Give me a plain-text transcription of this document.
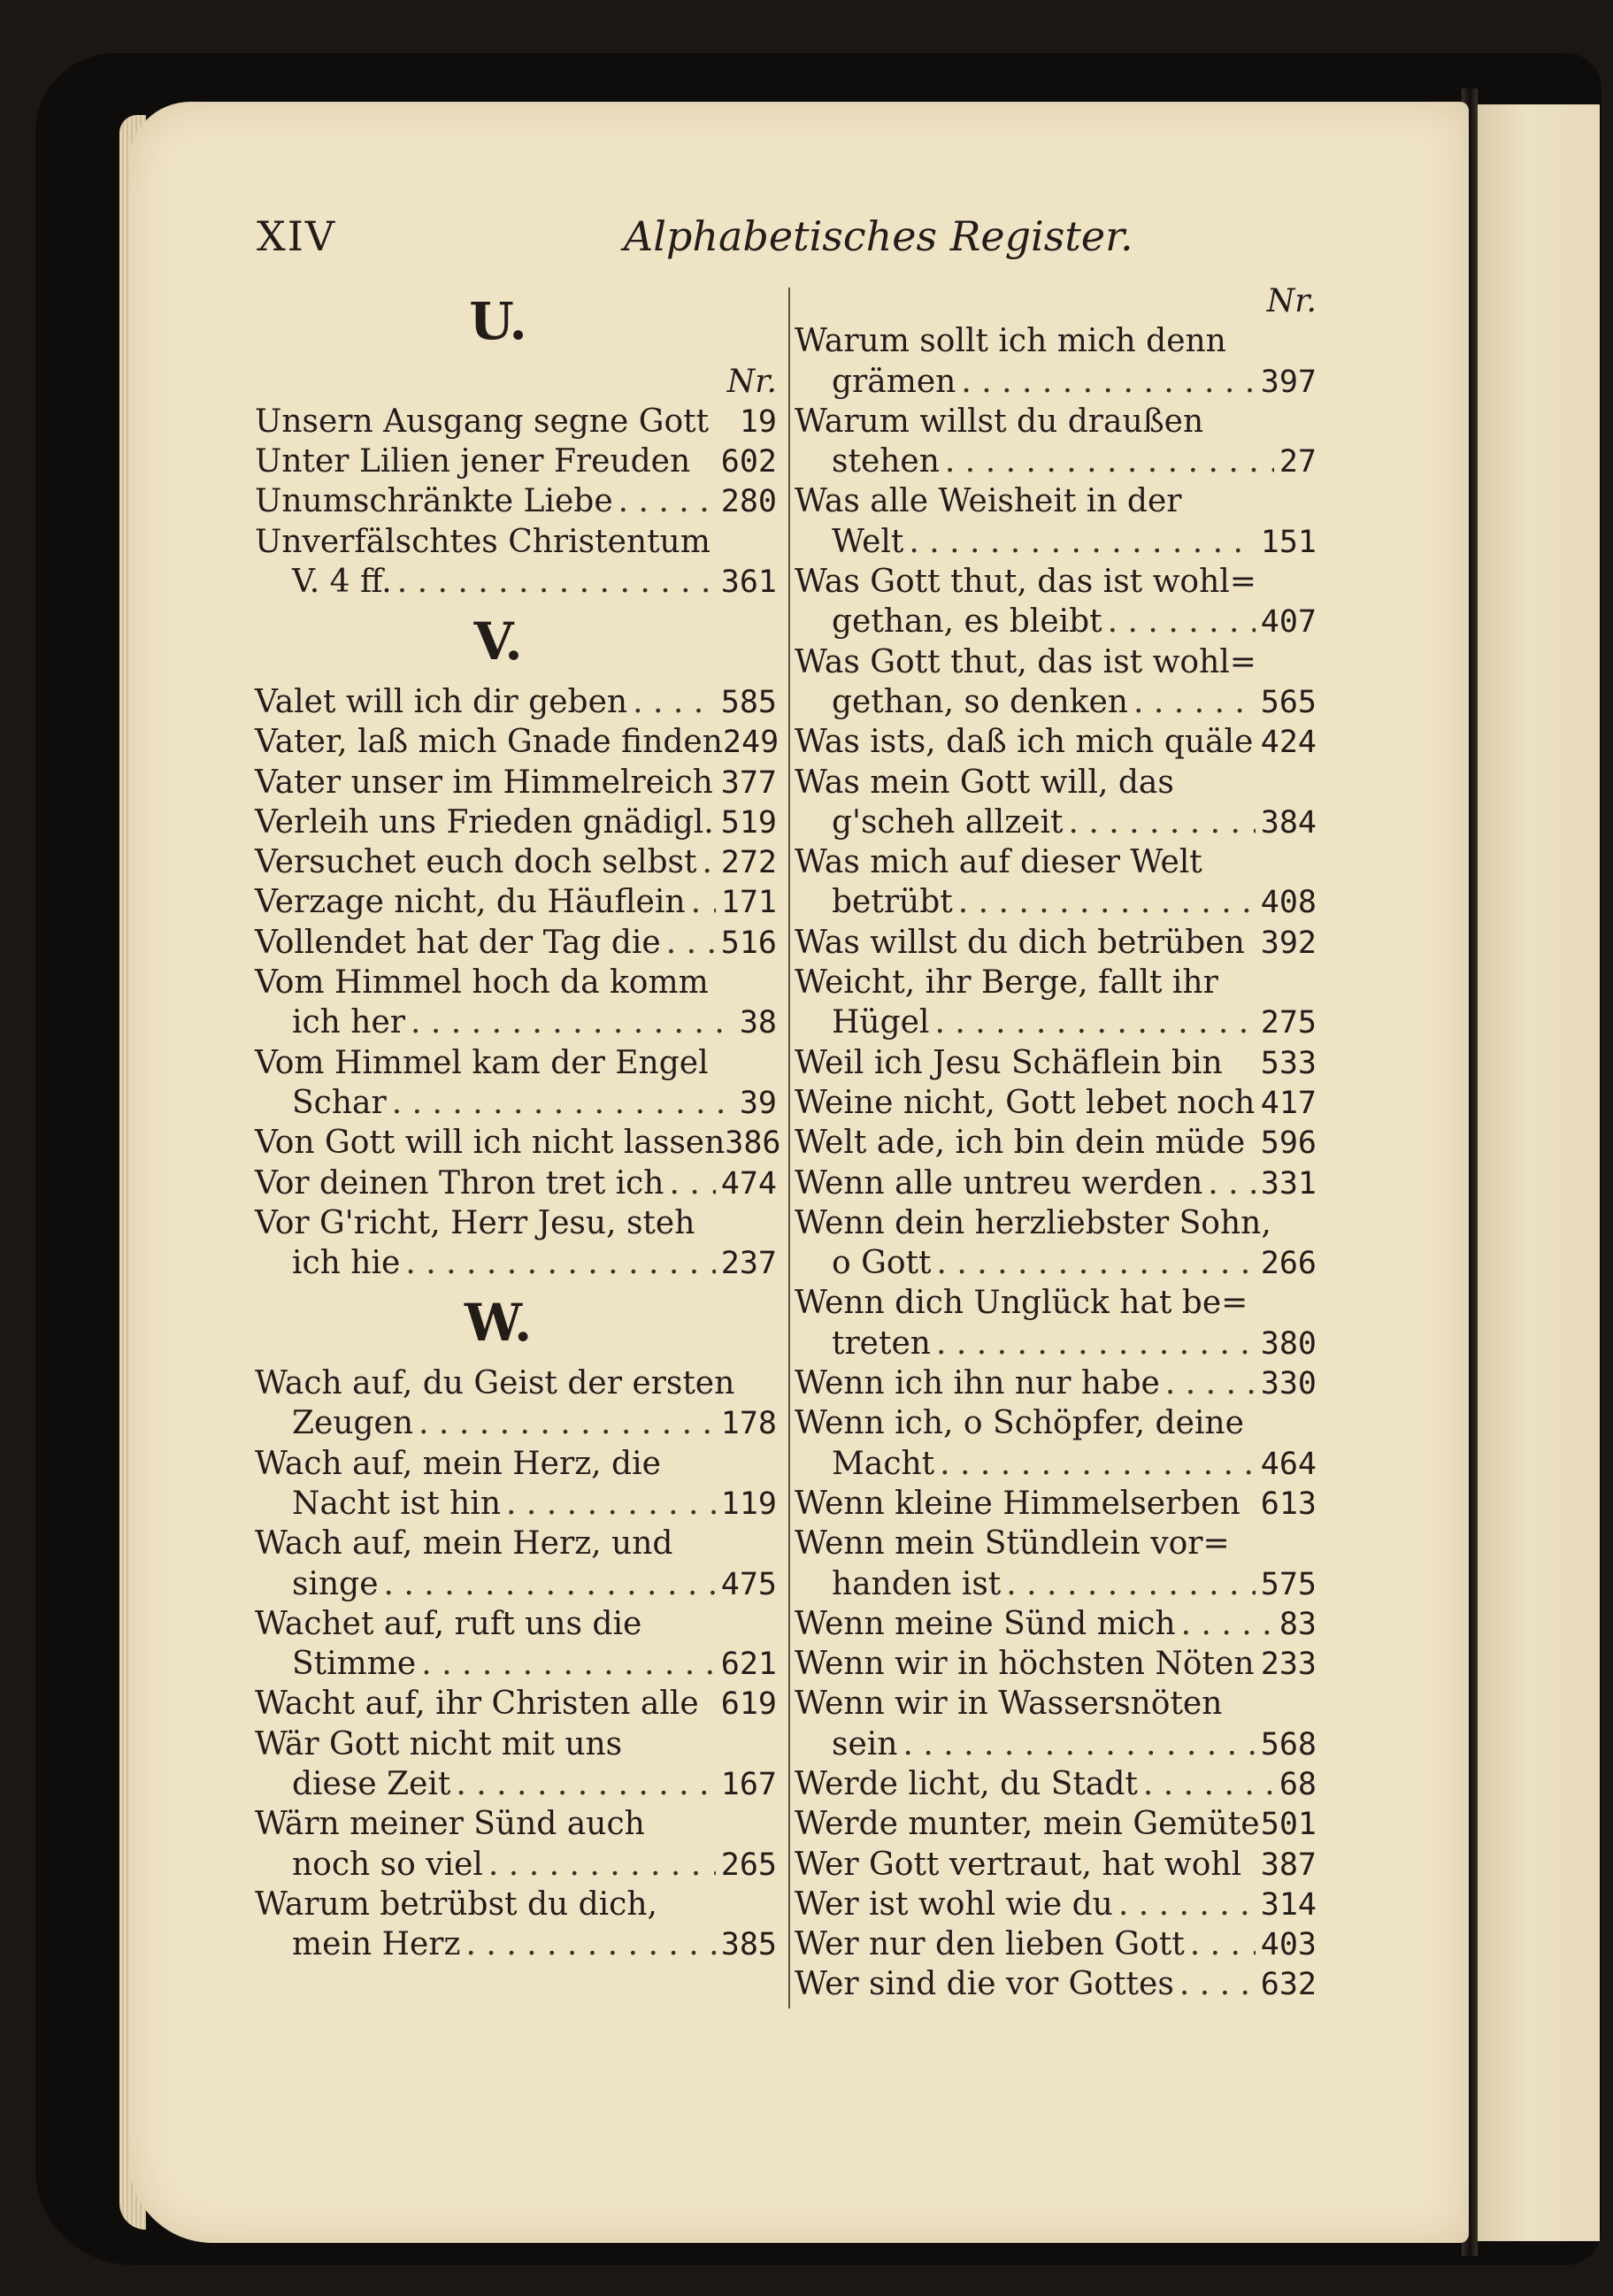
XIV	Alphabetisches Register.
U.
Nr.
Unsern Ausgang segne Gott 19
Unter Lilien jener Freuden 602
Unumschränkte Liebe . . .	280
Unverfälschtes Christentum
V. 4 ff. . . .	361
V.
Valet will ich dir geben . . .	585
Vater, laß mich Gnade finden 249
Vater unser im Himmelreich 377
Verleih uns Frieden gnädigl. 519
Versuchet euch doch selbst . . . 272
Verzage nicht, du Häuflein . . . 171
Vollendet hat der Tag die . . . 516
Vom Himmel hoch da komm
ich her . . .	38
Vom Himmel kam der Engel
Schar . . .	39
Von Gott will ich nicht lassen 386
Vor deinen Thron tret ich . . . 474
Vor G'richt, Herr Jesu, steh
ich hie . . .	237
W.
Wach auf, du Geist der ersten
Zeugen . . .	178
Wach auf, mein Herz, die
Nacht ist hin . . .	119
Wach auf, mein Herz, und
singe . . .	475
Wachet auf, ruft uns die
Stimme . . .	621
Wacht auf, ihr Christen alle 619
Wär Gott nicht mit uns
diese Zeit . . .	167
Wärn meiner Sünd auch
noch so viel . . .	265
Warum betrübst du dich,
mein Herz . . .	385
Nr.
Warum sollt ich mich denn
grämen . . .	397
Warum willst du draußen
stehen . . .	27
Was alle Weisheit in der
Welt . . .	151
Was Gott thut, das ist wohl=
gethan, es bleibt . . .	407
Was Gott thut, das ist wohl=
gethan, so denken . . .	565
Was ists, daß ich mich quäle 424
Was mein Gott will, das
g'scheh allzeit . . .	384
Was mich auf dieser Welt
betrübt . . .	408
Was willst du dich betrüben 392
Weicht, ihr Berge, fallt ihr
Hügel . . .	275
Weil ich Jesu Schäflein bin 533
Weine nicht, Gott lebet noch 417
Welt ade, ich bin dein müde 596
Wenn alle untreu werden . . . 331
Wenn dein herzliebster Sohn,
o Gott . . .	266
Wenn dich Unglück hat be=
treten . . .	380
Wenn ich ihn nur habe . . .	330
Wenn ich, o Schöpfer, deine
Macht . . .	464
Wenn kleine Himmelserben 613
Wenn mein Stündlein vor=
handen ist . . .	575
Wenn meine Sünd mich . . .	83
Wenn wir in höchsten Nöten 233
Wenn wir in Wassersnöten
sein . . .	568
Werde licht, du Stadt . . .	68
Werde munter, mein Gemüte 501
Wer Gott vertraut, hat wohl 387
Wer ist wohl wie du . . .	314
Wer nur den lieben Gott . . . 403
Wer sind die vor Gottes . . .	632
